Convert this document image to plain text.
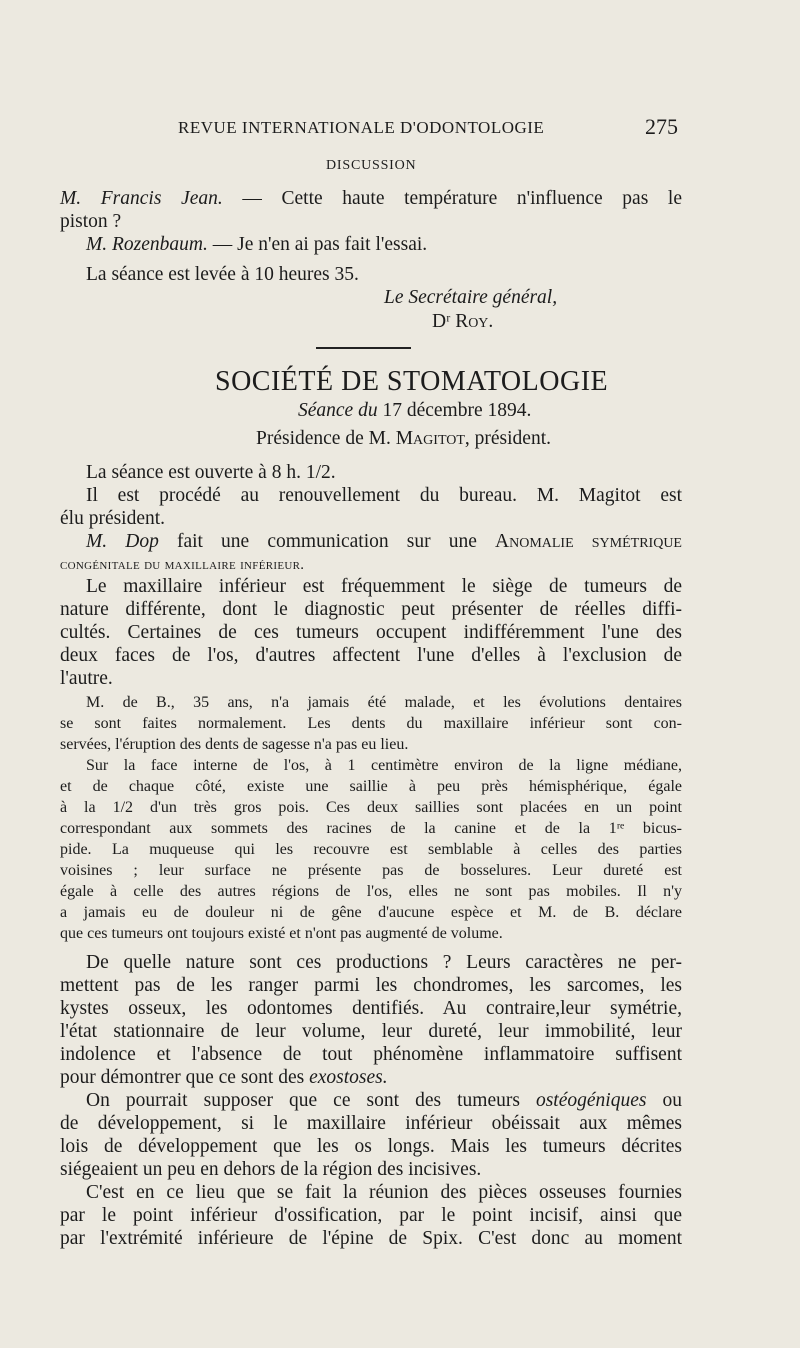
REVUE INTERNATIONALE D'ODONTOLOGIE	275
DISCUSSION
M. Francis Jean. — Cette haute température n'influence pas le
piston ?
M. Rozenbaum. — Je n'en ai pas fait l'essai.
La séance est levée à 10 heures 35.
Le Secrétaire général,
Dʳ Roy.
SOCIÉTÉ DE STOMATOLOGIE
Séance du 17 décembre 1894.
Présidence de M. Magitot, président.
La séance est ouverte à 8 h. 1/2.
Il est procédé au renouvellement du bureau. M. Magitot est
élu président.
M. Dop fait une communication sur une Anomalie symétrique
congénitale du maxillaire inférieur.
Le maxillaire inférieur est fréquemment le siège de tumeurs de
nature différente, dont le diagnostic peut présenter de réelles diffi-
cultés. Certaines de ces tumeurs occupent indifféremment l'une des
deux faces de l'os, d'autres affectent l'une d'elles à l'exclusion de
l'autre.
M. de B., 35 ans, n'a jamais été malade, et les évolutions dentaires
se sont faites normalement. Les dents du maxillaire inférieur sont con-
servées, l'éruption des dents de sagesse n'a pas eu lieu.
Sur la face interne de l'os, à 1 centimètre environ de la ligne médiane,
et de chaque côté, existe une saillie à peu près hémisphérique, égale
à la 1/2 d'un très gros pois. Ces deux saillies sont placées en un point
correspondant aux sommets des racines de la canine et de la 1ʳᵉ bicus-
pide. La muqueuse qui les recouvre est semblable à celles des parties
voisines ; leur surface ne présente pas de bosselures. Leur dureté est
égale à celle des autres régions de l'os, elles ne sont pas mobiles. Il n'y
a jamais eu de douleur ni de gêne d'aucune espèce et M. de B. déclare
que ces tumeurs ont toujours existé et n'ont pas augmenté de volume.
De quelle nature sont ces productions ? Leurs caractères ne per-
mettent pas de les ranger parmi les chondromes, les sarcomes, les
kystes osseux, les odontomes dentifiés. Au contraire,leur symétrie,
l'état stationnaire de leur volume, leur dureté, leur immobilité, leur
indolence et l'absence de tout phénomène inflammatoire suffisent
pour démontrer que ce sont des exostoses.
On pourrait supposer que ce sont des tumeurs ostéogéniques ou
de développement, si le maxillaire inférieur obéissait aux mêmes
lois de développement que les os longs. Mais les tumeurs décrites
siégeaient un peu en dehors de la région des incisives.
C'est en ce lieu que se fait la réunion des pièces osseuses fournies
par le point inférieur d'ossification, par le point incisif, ainsi que
par l'extrémité inférieure de l'épine de Spix. C'est donc au moment
